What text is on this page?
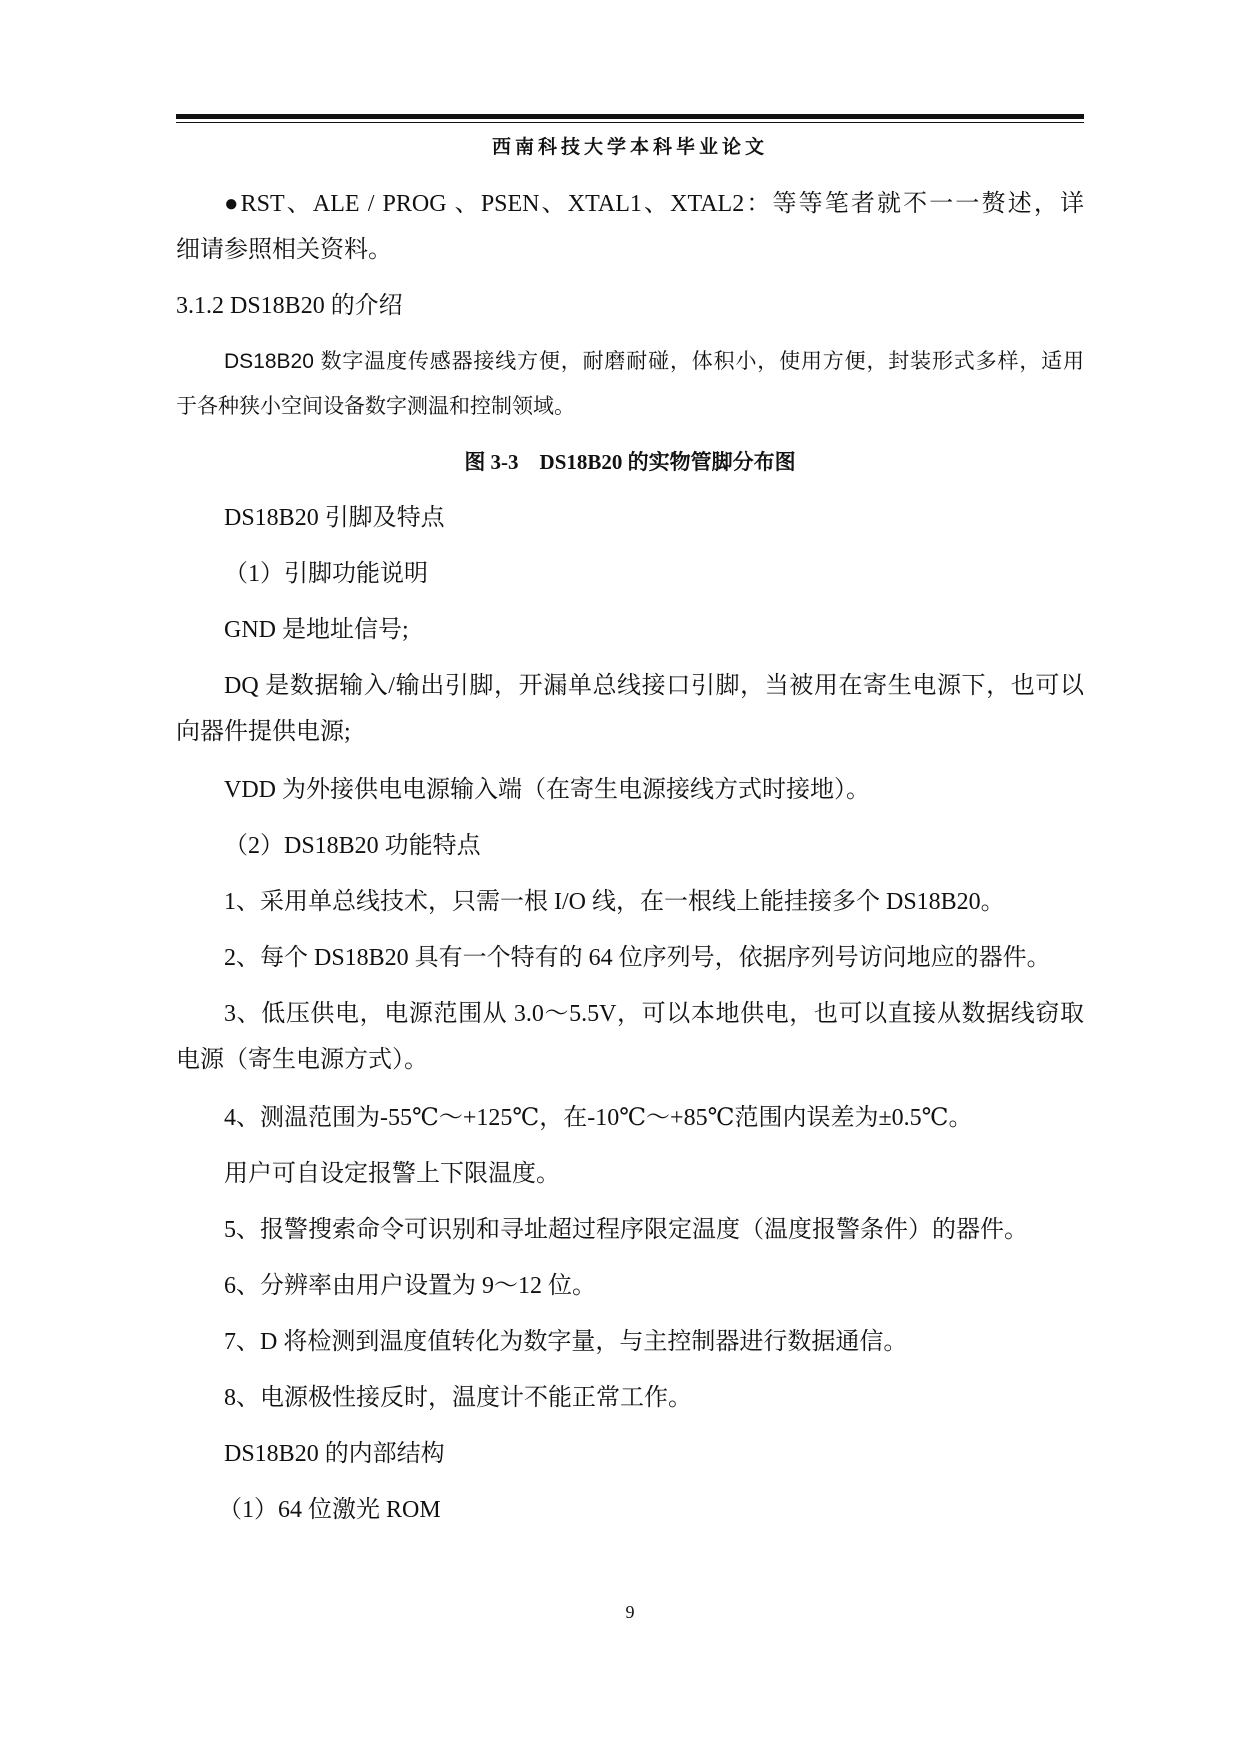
西南科技大学本科毕业论文
●RST、ALE / PROG 、PSEN、XTAL1、XTAL2：等等笔者就不一一赘述，详
细请参照相关资料。
3.1.2 DS18B20 的介绍
DS18B20 数字温度传感器接线方便，耐磨耐碰，体积小，使用方便，封装形式多样，适用
于各种狭小空间设备数字测温和控制领域。
图 3-3　DS18B20 的实物管脚分布图
DS18B20 引脚及特点
（1）引脚功能说明
GND 是地址信号;
DQ 是数据输入/输出引脚，开漏单总线接口引脚，当被用在寄生电源下，也可以
向器件提供电源;
VDD 为外接供电电源输入端（在寄生电源接线方式时接地）。
（2）DS18B20 功能特点
1、采用单总线技术，只需一根 I/O 线，在一根线上能挂接多个 DS18B20。
2、每个 DS18B20 具有一个特有的 64 位序列号，依据序列号访问地应的器件。
3、低压供电，电源范围从 3.0～5.5V，可以本地供电，也可以直接从数据线窃取
电源（寄生电源方式）。
4、测温范围为-55℃～+125℃，在-10℃～+85℃范围内误差为±0.5℃。
用户可自设定报警上下限温度。
5、报警搜索命令可识别和寻址超过程序限定温度（温度报警条件）的器件。
6、分辨率由用户设置为 9～12 位。
7、D 将检测到温度值转化为数字量，与主控制器进行数据通信。
8、电源极性接反时，温度计不能正常工作。
DS18B20 的内部结构
（1）64 位激光 ROM
9
